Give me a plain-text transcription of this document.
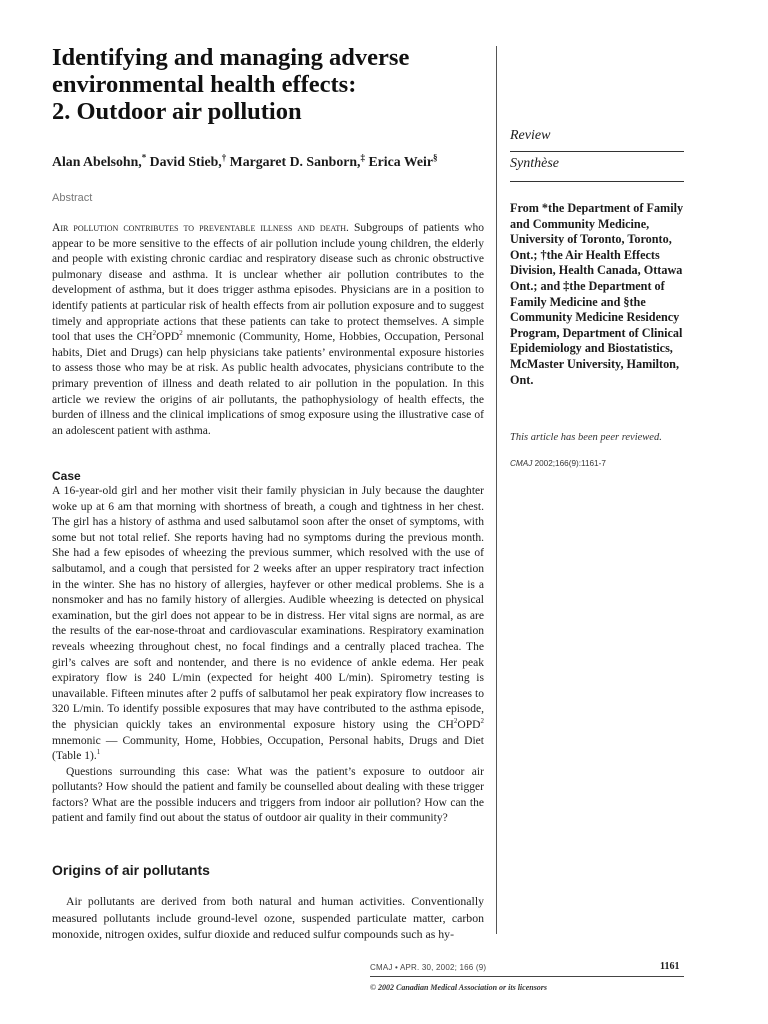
Identifying and managing adverse
environmental health effects:
2. Outdoor air pollution
Alan Abelsohn,* David Stieb,† Margaret D. Sanborn,‡ Erica Weir§
Abstract
Air pollution contributes to preventable illness and death. Subgroups of patients who appear to be more sensitive to the effects of air pollution include young children, the elderly and people with existing chronic cardiac and respiratory disease such as chronic obstructive pulmonary disease and asthma. It is unclear whether air pollution contributes to the development of asthma, but it does trigger asthma episodes. Physicians are in a position to identify patients at particular risk of health effects from air pollution exposure and to suggest timely and appropriate actions that these patients can take to protect themselves. A simple tool that uses the $CH^2OPD^2$ mnemonic (Community, Home, Hobbies, Occupation, Personal habits, Diet and Drugs) can help physicians take patients’ environmental exposure histories to assess those who may be at risk. As public health advocates, physicians contribute to the primary prevention of illness and death related to air pollution in the population. In this article we review the origins of air pollutants, the pathophysiology of health effects, the burden of illness and the clinical implications of smog exposure using the illustrative case of an adolescent patient with asthma.
Case

A 16-year-old girl and her mother visit their family physician in July because the daughter woke up at 6 am that morning with shortness of breath, a cough and tightness in her chest. The girl has a history of asthma and used salbutamol soon after the onset of symptoms, with some but not total relief. She reports having had no symptoms during the previous month. She had a few episodes of wheezing the previous summer, which resolved with the use of salbutamol, and a cough that persisted for 2 weeks after an upper respiratory tract infection in the winter. She has no history of allergies, hayfever or other medical problems. She is a nonsmoker and has no family history of allergies. Audible wheezing is detected on physical examination, but the girl does not appear to be in distress. Her vital signs are normal, as are the results of the ear-nose-throat and cardiovascular examinations. Respiratory examination reveals wheezing throughout chest, no focal findings and a centrally placed trachea. The girl’s calves are soft and nontender, and there is no evidence of ankle edema. Her peak expiratory flow is 240 L/min (expected for height 400 L/min). Spirometry testing is unavailable. Fifteen minutes after 2 puffs of salbutamol her peak expiratory flow increases to 320 L/min. To identify possible exposures that may have contributed to the asthma episode, the physician quickly takes an environmental exposure history using the $CH^2OPD^2$ mnemonic — Community, Home, Hobbies, Occupation, Personal habits, Drugs and Diet (Table 1).$^1$

Questions surrounding this case: What was the patient’s exposure to outdoor air pollutants? How should the patient and family be counselled about dealing with these trigger factors? What are the possible inducers and triggers from indoor air pollution? How can the patient and family find out about the status of outdoor air quality in their community?

Origins of air pollutants

Air pollutants are derived from both natural and human activities. Conventionally measured pollutants include ground-level ozone, suspended particulate matter, carbon monoxide, nitrogen oxides, sulfur dioxide and reduced sulfur compounds such as hy-

Review
Synthèse
From *the Department of Family and Community Medicine, University of Toronto, Toronto, Ont.; †the Air Health Effects Division, Health Canada, Ottawa Ont.; and ‡the Department of Family Medicine and §the Community Medicine Residency Program, Department of Clinical Epidemiology and Biostatistics, McMaster University, Hamilton, Ont.
This article has been peer reviewed.
CMAJ 2002;166(9):1161-7
CMAJ • APR. 30, 2002; 166 (9)	1161
© 2002 Canadian Medical Association or its licensors
